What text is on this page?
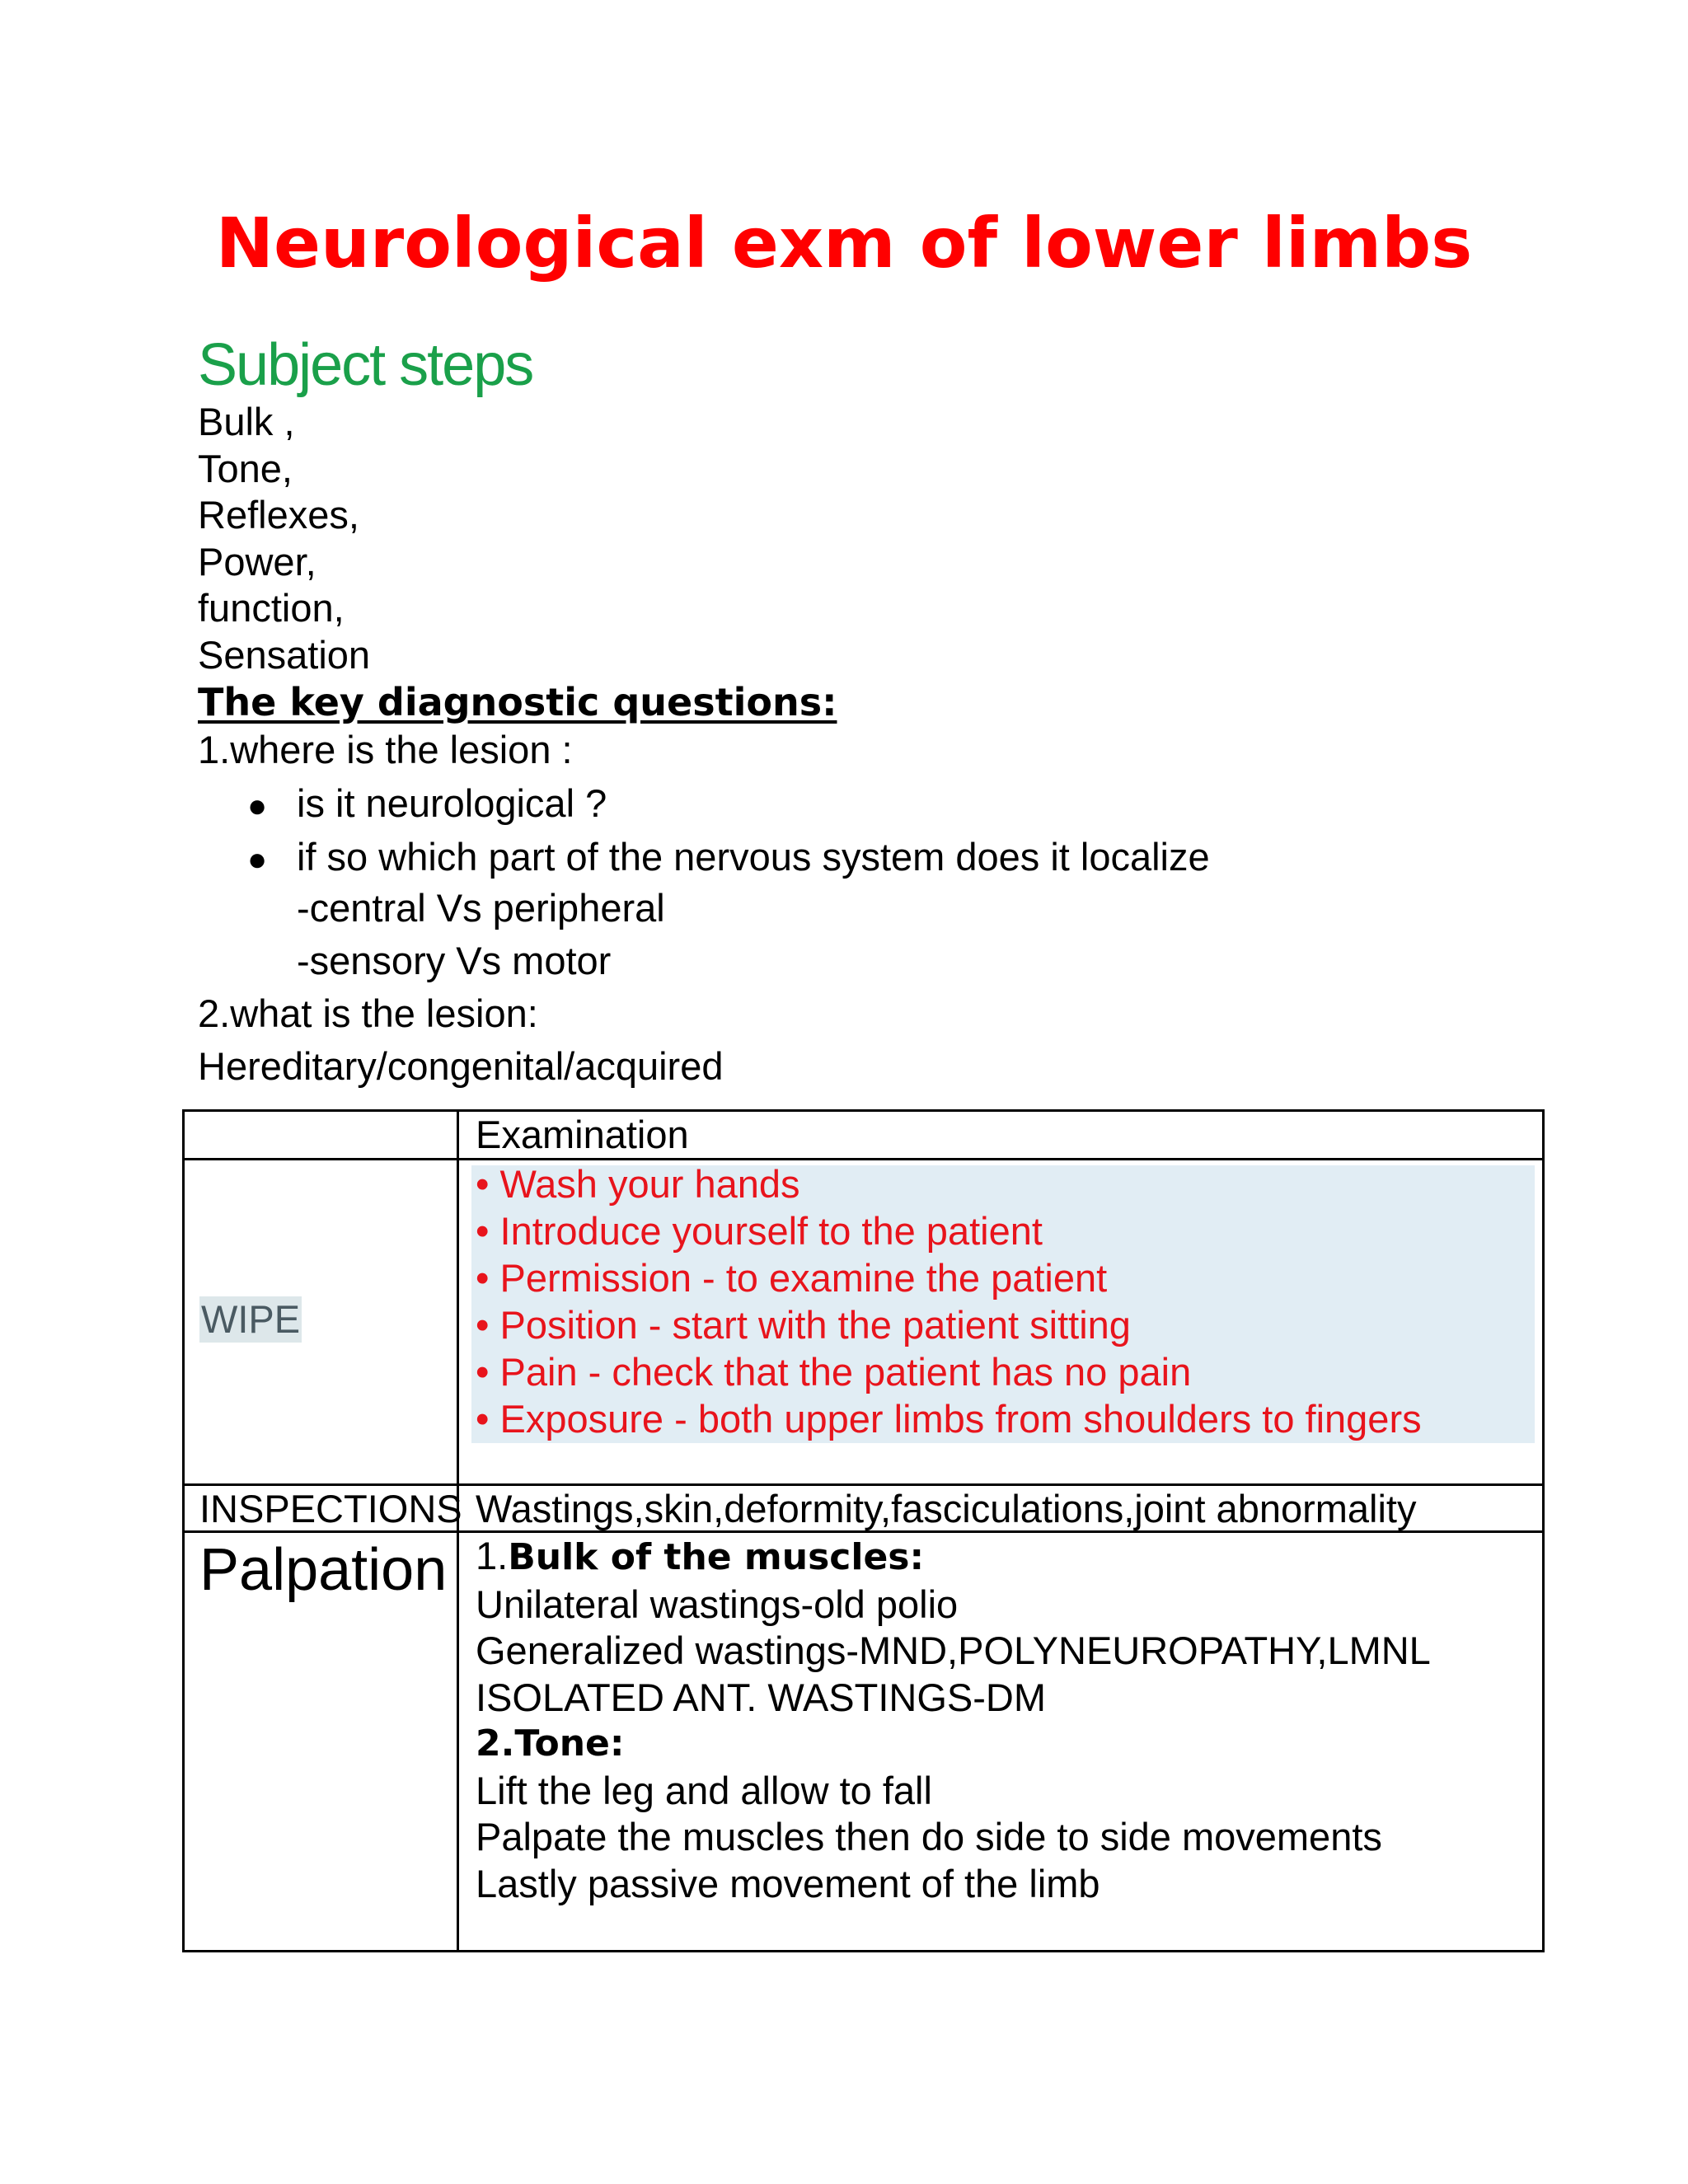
Neurological exm of lower limbs
Subject steps
Bulk ,
Tone,
Reflexes,
Power,
function,
Sensation
The key diagnostic questions:
1.where is the lesion :
● is it neurological ?
● if so which part of the nervous system does it localize
-central Vs peripheral
-sensory Vs motor
2.what is the lesion:
Hereditary/congenital/acquired
Examination
WIPE
• Wash your hands
• Introduce yourself to the patient
• Permission - to examine the patient
• Position - start with the patient sitting
• Pain - check that the patient has no pain
• Exposure - both upper limbs from shoulders to fingers
INSPECTIONS Wastings,skin,deformity,fasciculations,joint abnormality
Palpation 1.Bulk of the muscles:
Unilateral wastings-old polio
Generalized wastings-MND,POLYNEUROPATHY,LMNL
ISOLATED ANT. WASTINGS-DM
2.Tone:
Lift the leg and allow to fall
Palpate the muscles then do side to side movements
Lastly passive movement of the limb
